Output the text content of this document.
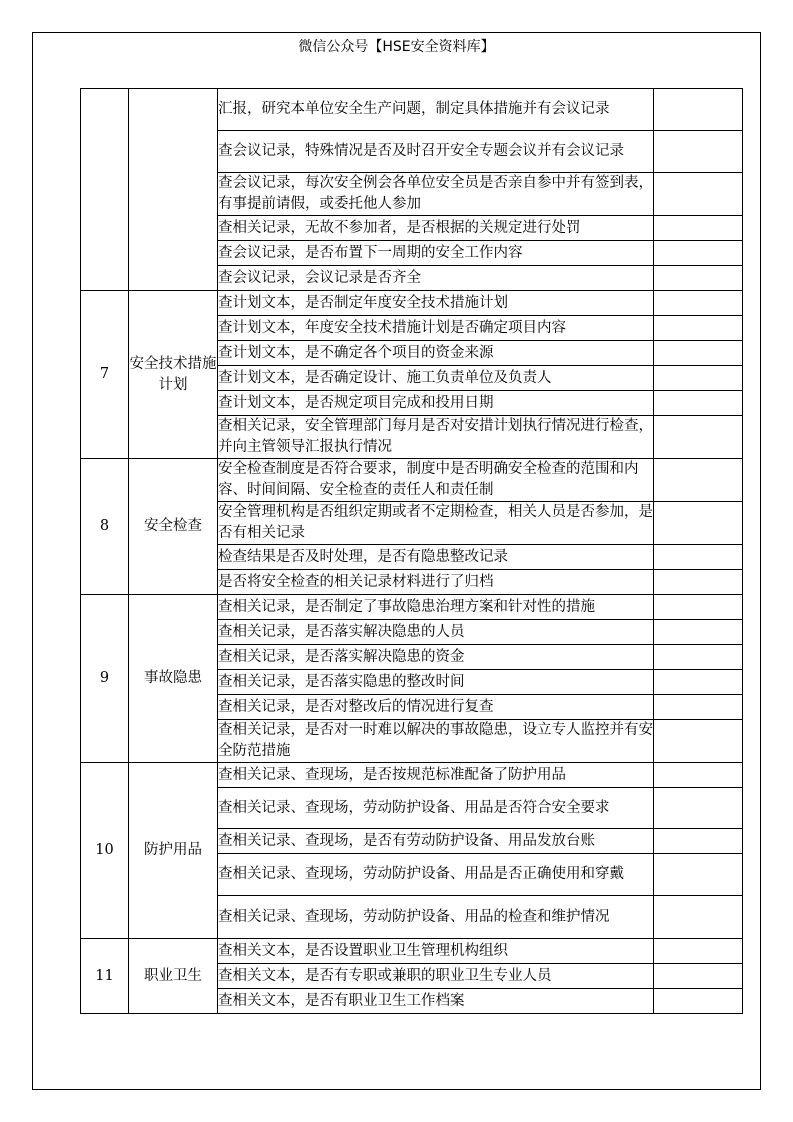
微信公众号【HSE安全资料库】
		汇报，研究本单位安全生产问题，制定具体措施并有会议记录	
		查会议记录，特殊情况是否及时召开安全专题会议并有会议记录	
		查会议记录，每次安全例会各单位安全员是否亲自参中并有签到表，有事提前请假，或委托他人参加	
		查相关记录，无故不参加者，是否根据的关规定进行处罚	
		查会议记录，是否布置下一周期的安全工作内容	
		查会议记录，会议记录是否齐全	
7	安全技术措施计划	查计划文本，是否制定年度安全技术措施计划	
		查计划文本，年度安全技术措施计划是否确定项目内容	
		查计划文本，是不确定各个项目的资金来源	
		查计划文本，是否确定设计、施工负责单位及负责人	
		查计划文本，是否规定项目完成和投用日期	
		查相关记录，安全管理部门每月是否对安措计划执行情况进行检查，并向主管领导汇报执行情况	
8	安全检查	安全检查制度是否符合要求，制度中是否明确安全检查的范围和内容、时间间隔、安全检查的责任人和责任制	
		安全管理机构是否组织定期或者不定期检查，相关人员是否参加，是否有相关记录	
		检查结果是否及时处理，是否有隐患整改记录	
		是否将安全检查的相关记录材料进行了归档	
9	事故隐患	查相关记录，是否制定了事故隐患治理方案和针对性的措施	
		查相关记录，是否落实解决隐患的人员	
		查相关记录，是否落实解决隐患的资金	
		查相关记录，是否落实隐患的整改时间	
		查相关记录，是否对整改后的情况进行复查	
		查相关记录，是否对一时难以解决的事故隐患，设立专人监控并有安全防范措施	
10	防护用品	查相关记录、查现场，是否按规范标准配备了防护用品	
		查相关记录、查现场，劳动防护设备、用品是否符合安全要求	
		查相关记录、查现场，是否有劳动防护设备、用品发放台账	
		查相关记录、查现场，劳动防护设备、用品是否正确使用和穿戴	
		查相关记录、查现场，劳动防护设备、用品的检查和维护情况	
11	职业卫生	查相关文本，是否设置职业卫生管理机构组织	
		查相关文本，是否有专职或兼职的职业卫生专业人员	
		查相关文本，是否有职业卫生工作档案	
